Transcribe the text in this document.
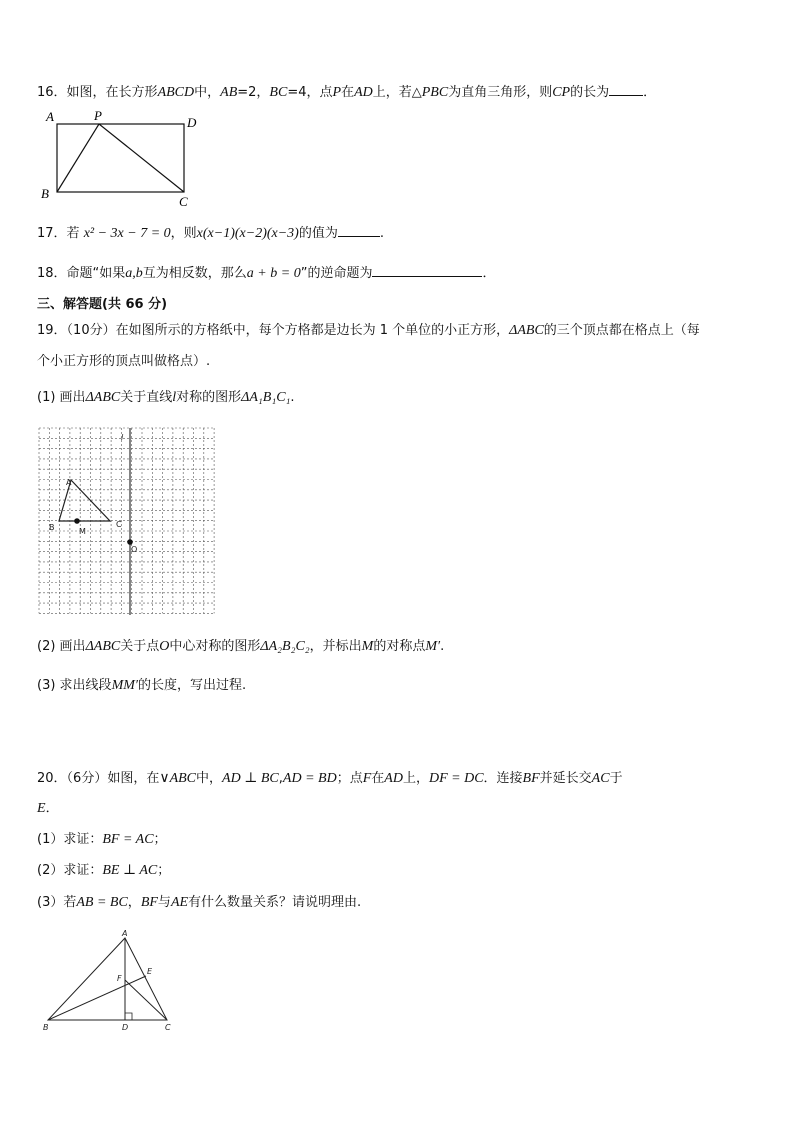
16．如图，在长方形ABCD中，AB=2，BC=4，点P在AD上，若△PBC为直角三角形，则CP的长为	．
A	P	D
B
C
17．若 x² − 3x − 7 = 0，则x(x−1)(x−2)(x−3)的值为	.
18．命题“如果a,b互为相反数，那么a + b = 0”的逆命题为	．
三、解答题(共 66 分)
19．（10分）在如图所示的方格纸中，每个方格都是边长为 1 个单位的小正方形，ΔABC的三个顶点都在格点上（每
个小正方形的顶点叫做格点）.
(1) 画出ΔABC关于直线l对称的图形ΔA₁B₁C₁.
l
A
B	C
M
O
(2) 画出ΔABC关于点O中心对称的图形ΔA₂B₂C₂，并标出M的对称点M′.
(3) 求出线段MM′的长度，写出过程.
20．（6分）如图，在∨ABC中，AD ⊥ BC,AD = BD；点F在AD上，DF = DC．连接BF并延长交AC于
E．
(1）求证：BF = AC；
(2）求证：BE ⊥ AC；
(3）若AB = BC，BF与AE有什么数量关系？请说明理由.
A
B	C
D
E
F
